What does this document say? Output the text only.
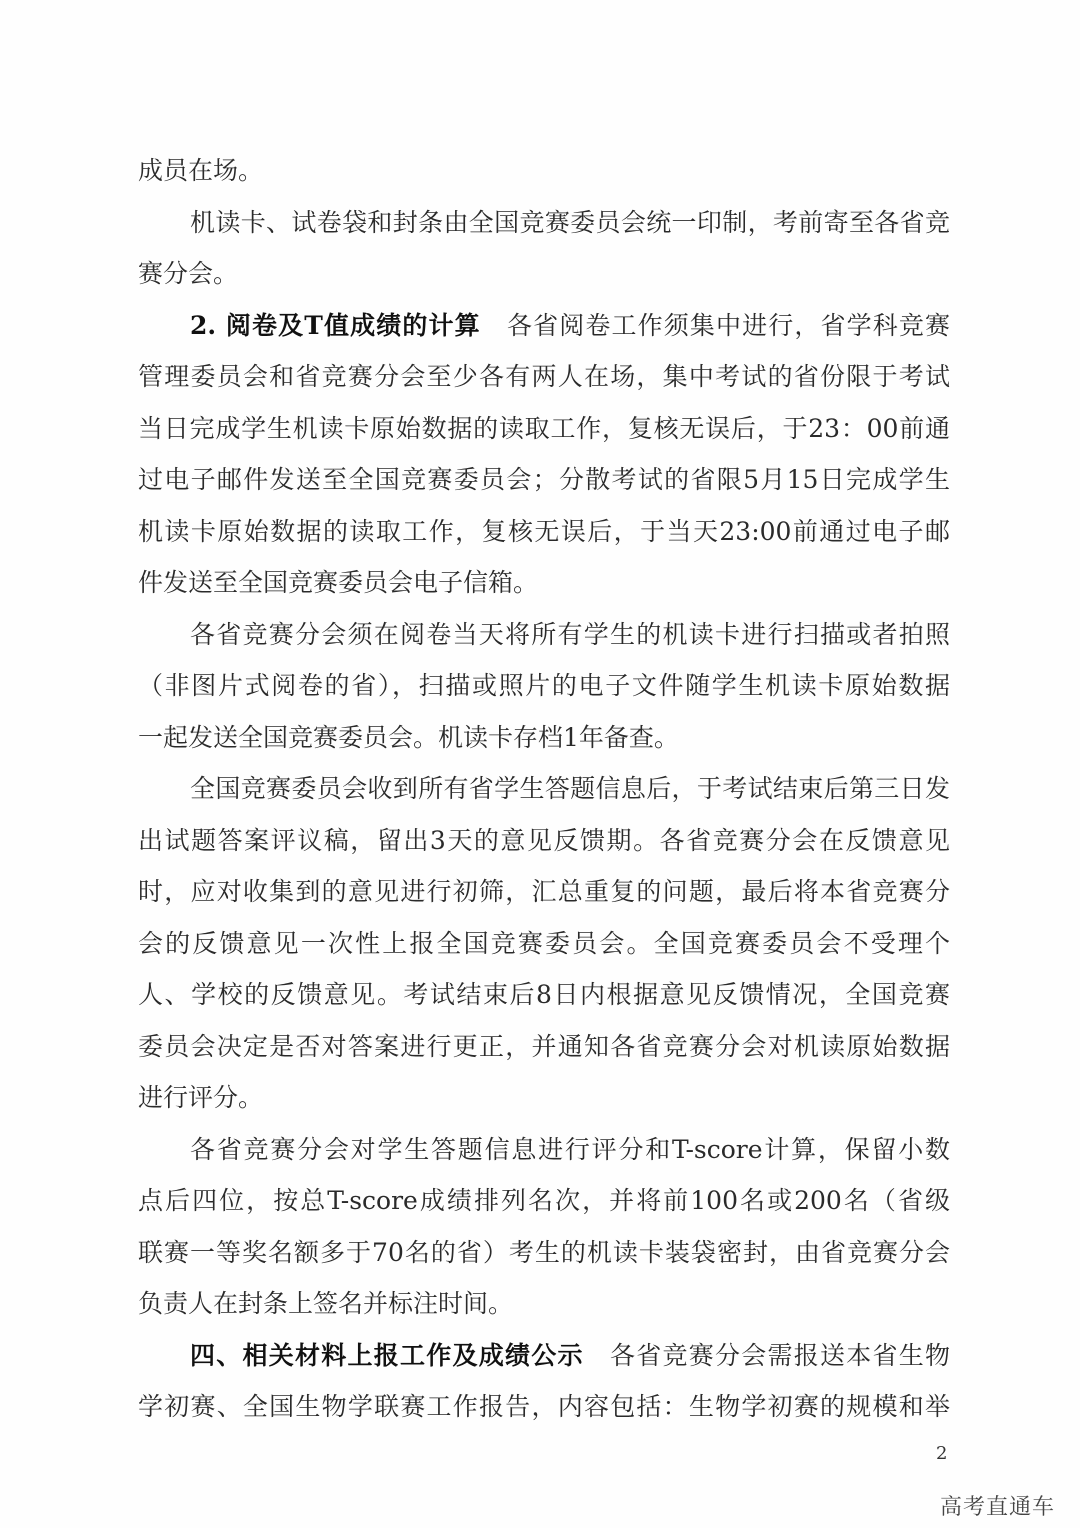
成员在场。
机读卡、试卷袋和封条由全国竞赛委员会统一印制，考前寄至各省竞
赛分会。
2. 阅卷及T值成绩的计算　各省阅卷工作须集中进行，省学科竞赛
管理委员会和省竞赛分会至少各有两人在场，集中考试的省份限于考试
当日完成学生机读卡原始数据的读取工作，复核无误后，于23：00前通
过电子邮件发送至全国竞赛委员会；分散考试的省限5月15日完成学生
机读卡原始数据的读取工作，复核无误后，于当天23:00前通过电子邮
件发送至全国竞赛委员会电子信箱。
各省竞赛分会须在阅卷当天将所有学生的机读卡进行扫描或者拍照
（非图片式阅卷的省），扫描或照片的电子文件随学生机读卡原始数据
一起发送全国竞赛委员会。机读卡存档1年备查。
全国竞赛委员会收到所有省学生答题信息后，于考试结束后第三日发
出试题答案评议稿，留出3天的意见反馈期。各省竞赛分会在反馈意见
时，应对收集到的意见进行初筛，汇总重复的问题，最后将本省竞赛分
会的反馈意见一次性上报全国竞赛委员会。全国竞赛委员会不受理个
人、学校的反馈意见。考试结束后8日内根据意见反馈情况，全国竞赛
委员会决定是否对答案进行更正，并通知各省竞赛分会对机读原始数据
进行评分。
各省竞赛分会对学生答题信息进行评分和T-score计算，保留小数
点后四位，按总T-score成绩排列名次，并将前100名或200名（省级
联赛一等奖名额多于70名的省）考生的机读卡装袋密封，由省竞赛分会
负责人在封条上签名并标注时间。
四、相关材料上报工作及成绩公示　各省竞赛分会需报送本省生物
学初赛、全国生物学联赛工作报告，内容包括：生物学初赛的规模和举
2
高考直通车
